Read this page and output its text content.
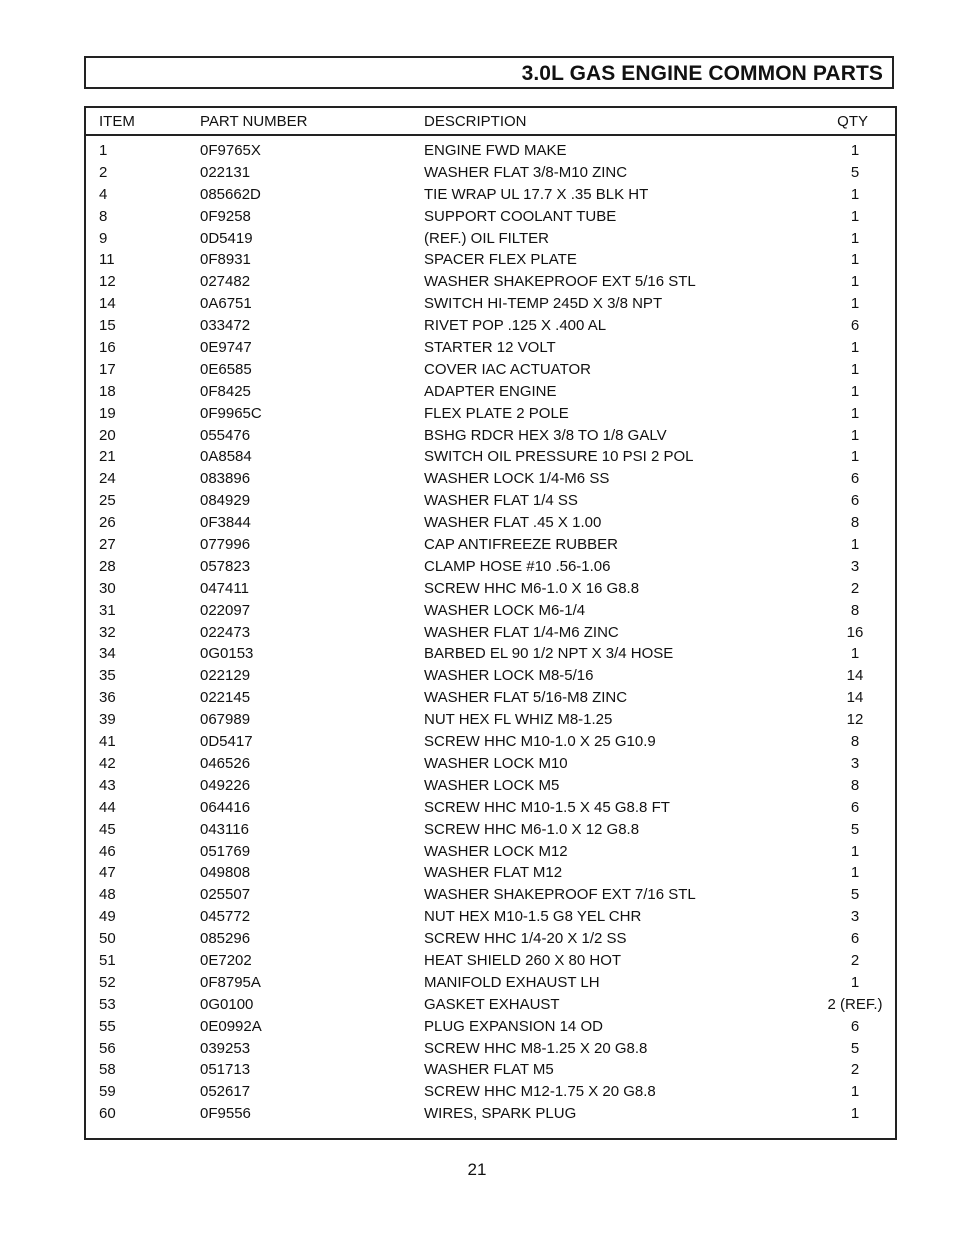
3.0L GAS ENGINE COMMON PARTS
ITEM	PART NUMBER	DESCRIPTION	QTY
1	0F9765X	ENGINE FWD MAKE	1
2	022131	WASHER FLAT 3/8-M10 ZINC	5
4	085662D	TIE WRAP UL 17.7 X .35 BLK HT	1
8	0F9258	SUPPORT COOLANT TUBE	1
9	0D5419	(REF.) OIL FILTER	1
11	0F8931	SPACER FLEX PLATE	1
12	027482	WASHER SHAKEPROOF EXT 5/16 STL	1
14	0A6751	SWITCH HI-TEMP 245D X 3/8 NPT	1
15	033472	RIVET POP .125 X .400 AL	6
16	0E9747	STARTER 12 VOLT	1
17	0E6585	COVER IAC ACTUATOR	1
18	0F8425	ADAPTER ENGINE	1
19	0F9965C	FLEX PLATE 2 POLE	1
20	055476	BSHG RDCR HEX 3/8 TO 1/8 GALV	1
21	0A8584	SWITCH OIL PRESSURE 10 PSI 2 POL	1
24	083896	WASHER LOCK 1/4-M6 SS	6
25	084929	WASHER FLAT 1/4 SS	6
26	0F3844	WASHER FLAT .45 X 1.00	8
27	077996	CAP ANTIFREEZE RUBBER	1
28	057823	CLAMP HOSE #10 .56-1.06	3
30	047411	SCREW HHC M6-1.0 X 16 G8.8	2
31	022097	WASHER LOCK M6-1/4	8
32	022473	WASHER FLAT 1/4-M6 ZINC	16
34	0G0153	BARBED EL 90 1/2 NPT X 3/4 HOSE	1
35	022129	WASHER LOCK M8-5/16	14
36	022145	WASHER FLAT 5/16-M8 ZINC	14
39	067989	NUT HEX FL WHIZ M8-1.25	12
41	0D5417	SCREW HHC M10-1.0 X 25 G10.9	8
42	046526	WASHER LOCK M10	3
43	049226	WASHER LOCK M5	8
44	064416	SCREW HHC M10-1.5 X 45 G8.8 FT	6
45	043116	SCREW HHC M6-1.0 X 12 G8.8	5
46	051769	WASHER LOCK M12	1
47	049808	WASHER FLAT M12	1
48	025507	WASHER SHAKEPROOF EXT 7/16 STL	5
49	045772	NUT HEX M10-1.5 G8 YEL CHR	3
50	085296	SCREW HHC 1/4-20 X 1/2 SS	6
51	0E7202	HEAT SHIELD 260 X 80 HOT	2
52	0F8795A	MANIFOLD EXHAUST LH	1
53	0G0100	GASKET EXHAUST	2 (REF.)
55	0E0992A	PLUG EXPANSION 14 OD	6
56	039253	SCREW HHC M8-1.25 X 20 G8.8	5
58	051713	WASHER FLAT M5	2
59	052617	SCREW HHC M12-1.75 X 20 G8.8	1
60	0F9556	WIRES, SPARK PLUG	1
21
